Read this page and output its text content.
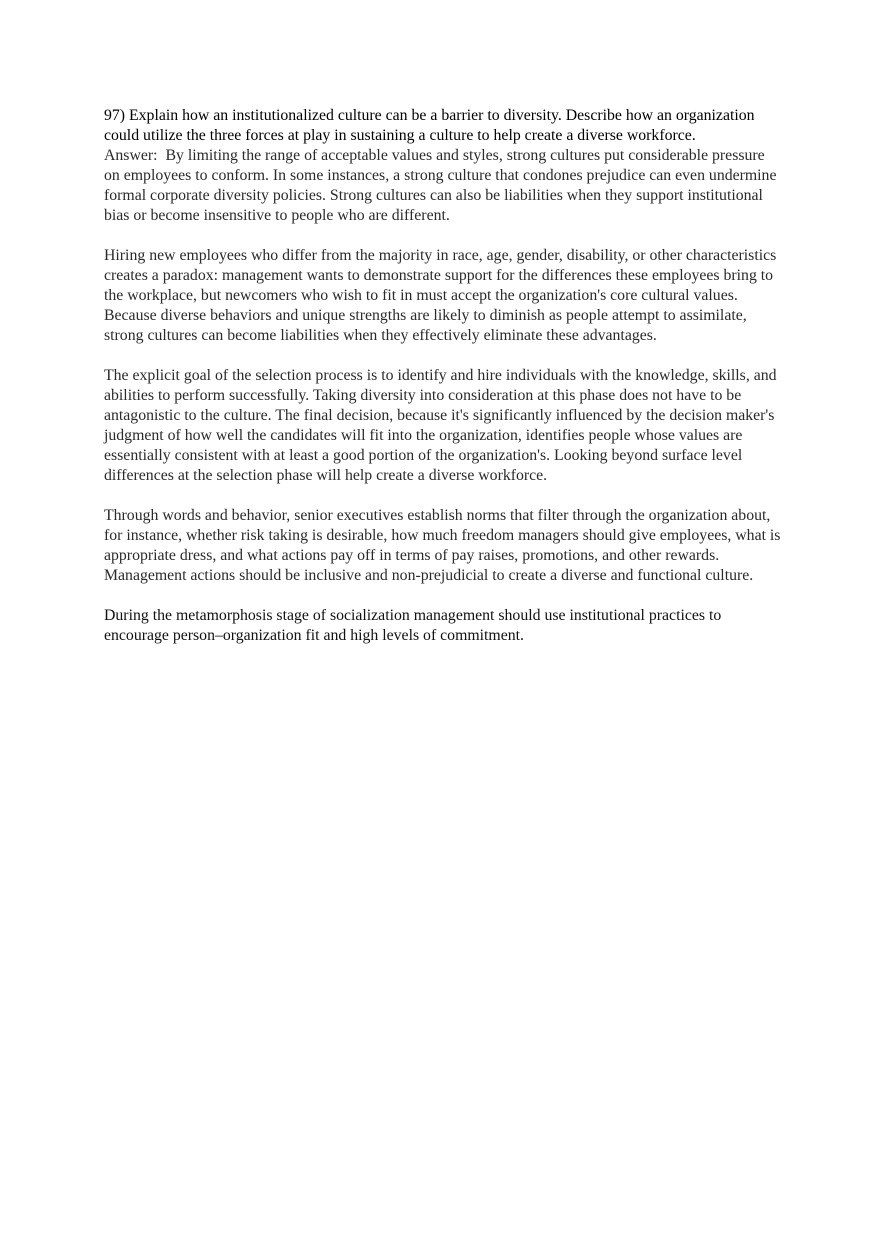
97) Explain how an institutionalized culture can be a barrier to diversity. Describe how an organization could utilize the three forces at play in sustaining a culture to help create a diverse workforce.

Answer: By limiting the range of acceptable values and styles, strong cultures put considerable pressure on employees to conform. In some instances, a strong culture that condones prejudice can even undermine formal corporate diversity policies. Strong cultures can also be liabilities when they support institutional bias or become insensitive to people who are different.

Hiring new employees who differ from the majority in race, age, gender, disability, or other characteristics creates a paradox: management wants to demonstrate support for the differences these employees bring to the workplace, but newcomers who wish to fit in must accept the organization's core cultural values. Because diverse behaviors and unique strengths are likely to diminish as people attempt to assimilate, strong cultures can become liabilities when they effectively eliminate these advantages.

The explicit goal of the selection process is to identify and hire individuals with the knowledge, skills, and abilities to perform successfully. Taking diversity into consideration at this phase does not have to be antagonistic to the culture. The final decision, because it's significantly influenced by the decision maker's judgment of how well the candidates will fit into the organization, identifies people whose values are essentially consistent with at least a good portion of the organization's. Looking beyond surface level differences at the selection phase will help create a diverse workforce.

Through words and behavior, senior executives establish norms that filter through the organization about, for instance, whether risk taking is desirable, how much freedom managers should give employees, what is appropriate dress, and what actions pay off in terms of pay raises, promotions, and other rewards. Management actions should be inclusive and non-prejudicial to create a diverse and functional culture.

During the metamorphosis stage of socialization management should use institutional practices to encourage person–organization fit and high levels of commitment.
